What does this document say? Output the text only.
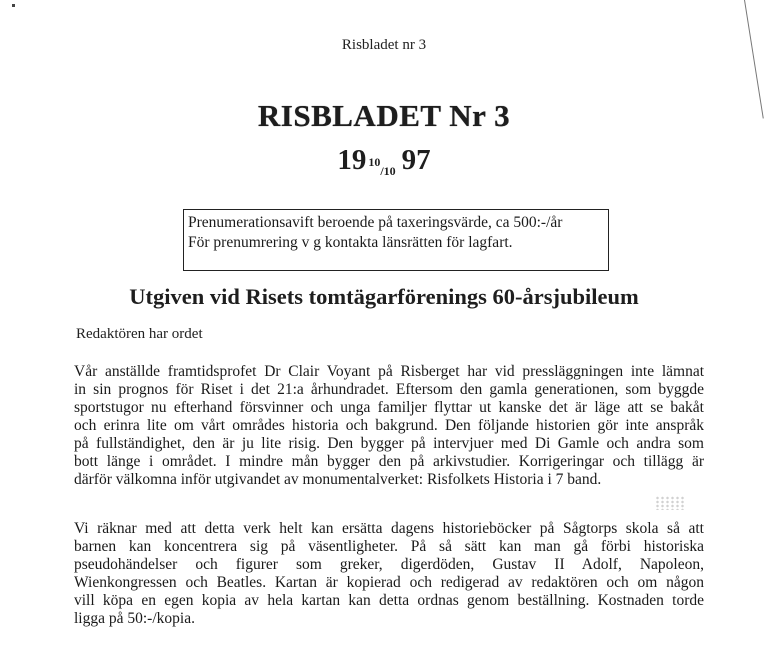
Risbladet nr 3
RISBLADET Nr 3
19 10/10 97
Prenumerationsavift beroende på taxeringsvärde, ca 500:-/år
För prenumrering v g kontakta länsrätten för lagfart.
Utgiven vid Risets tomtägarförenings 60-årsjubileum
Redaktören har ordet
Vår anställde framtidsprofet Dr Clair Voyant på Risberget har vid pressläggningen inte lämnat
in sin prognos för Riset i det 21:a århundradet. Eftersom den gamla generationen, som byggde
sportstugor nu efterhand försvinner och unga familjer flyttar ut kanske det är läge att se bakåt
och erinra lite om vårt områdes historia och bakgrund. Den följande historien gör inte anspråk
på fullständighet, den är ju lite risig. Den bygger på intervjuer med Di Gamle och andra som
bott länge i området. I mindre mån bygger den på arkivstudier. Korrigeringar och tillägg är
därför välkomna inför utgivandet av monumentalverket: Risfolkets Historia i 7 band.
Vi räknar med att detta verk helt kan ersätta dagens historieböcker på Sågtorps skola så att
barnen kan koncentrera sig på väsentligheter. På så sätt kan man gå förbi historiska
pseudohändelser och figurer som greker, digerdöden, Gustav II Adolf, Napoleon,
Wienkongressen och Beatles. Kartan är kopierad och redigerad av redaktören och om någon
vill köpa en egen kopia av hela kartan kan detta ordnas genom beställning. Kostnaden torde
ligga på 50:-/kopia.
